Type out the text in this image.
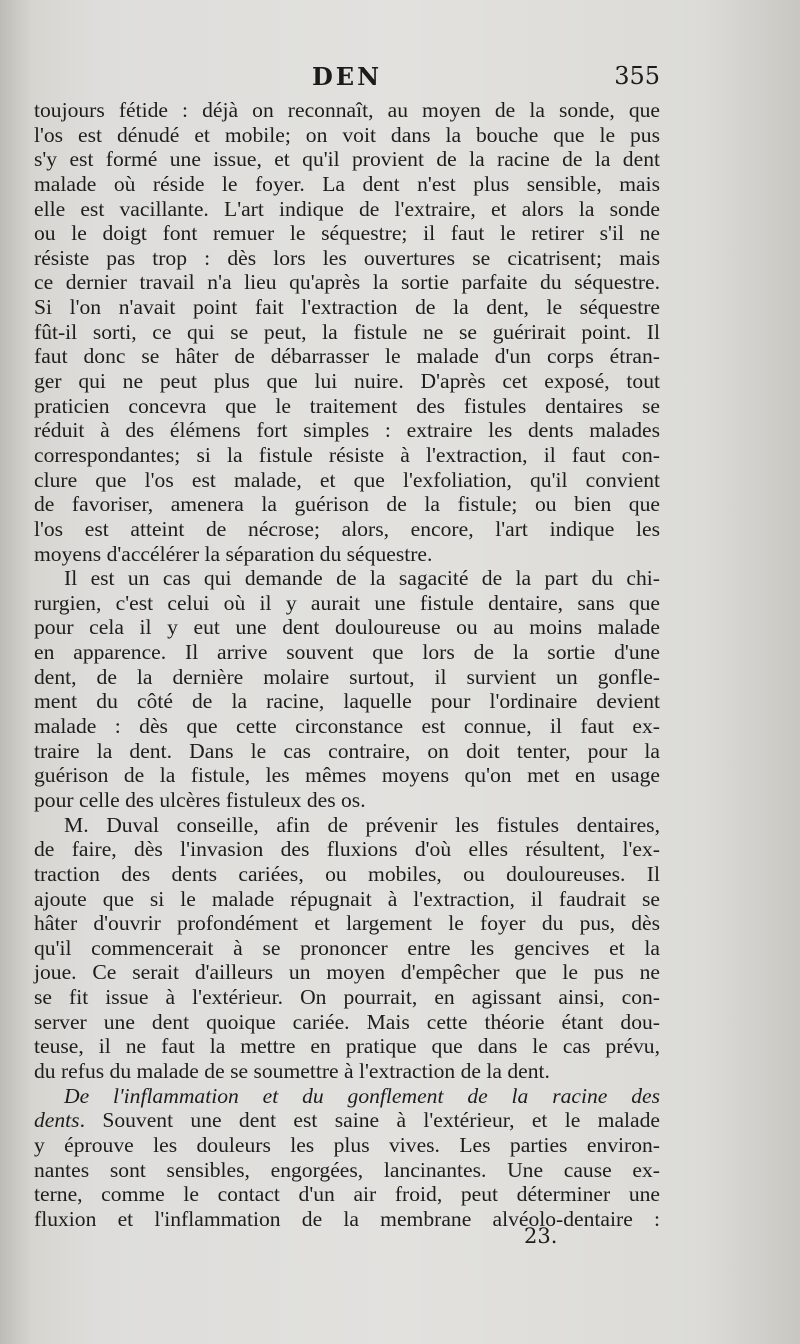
DEN	355
toujours fétide : déjà on reconnaît, au moyen de la sonde, que
l'os est dénudé et mobile; on voit dans la bouche que le pus
s'y est formé une issue, et qu'il provient de la racine de la dent
malade où réside le foyer. La dent n'est plus sensible, mais
elle est vacillante. L'art indique de l'extraire, et alors la sonde
ou le doigt font remuer le séquestre; il faut le retirer s'il ne
résiste pas trop : dès lors les ouvertures se cicatrisent; mais
ce dernier travail n'a lieu qu'après la sortie parfaite du séquestre.
Si l'on n'avait point fait l'extraction de la dent, le séquestre
fût-il sorti, ce qui se peut, la fistule ne se guérirait point. Il
faut donc se hâter de débarrasser le malade d'un corps étran-
ger qui ne peut plus que lui nuire. D'après cet exposé, tout
praticien concevra que le traitement des fistules dentaires se
réduit à des élémens fort simples : extraire les dents malades
correspondantes; si la fistule résiste à l'extraction, il faut con-
clure que l'os est malade, et que l'exfoliation, qu'il convient
de favoriser, amenera la guérison de la fistule; ou bien que
l'os est atteint de nécrose; alors, encore, l'art indique les
moyens d'accélérer la séparation du séquestre.
Il est un cas qui demande de la sagacité de la part du chi-
rurgien, c'est celui où il y aurait une fistule dentaire, sans que
pour cela il y eut une dent douloureuse ou au moins malade
en apparence. Il arrive souvent que lors de la sortie d'une
dent, de la dernière molaire surtout, il survient un gonfle-
ment du côté de la racine, laquelle pour l'ordinaire devient
malade : dès que cette circonstance est connue, il faut ex-
traire la dent. Dans le cas contraire, on doit tenter, pour la
guérison de la fistule, les mêmes moyens qu'on met en usage
pour celle des ulcères fistuleux des os.
M. Duval conseille, afin de prévenir les fistules dentaires,
de faire, dès l'invasion des fluxions d'où elles résultent, l'ex-
traction des dents cariées, ou mobiles, ou douloureuses. Il
ajoute que si le malade répugnait à l'extraction, il faudrait se
hâter d'ouvrir profondément et largement le foyer du pus, dès
qu'il commencerait à se prononcer entre les gencives et la
joue. Ce serait d'ailleurs un moyen d'empêcher que le pus ne
se fit issue à l'extérieur. On pourrait, en agissant ainsi, con-
server une dent quoique cariée. Mais cette théorie étant dou-
teuse, il ne faut la mettre en pratique que dans le cas prévu,
du refus du malade de se soumettre à l'extraction de la dent.
De l'inflammation et du gonflement de la racine des
dents. Souvent une dent est saine à l'extérieur, et le malade
y éprouve les douleurs les plus vives. Les parties environ-
nantes sont sensibles, engorgées, lancinantes. Une cause ex-
terne, comme le contact d'un air froid, peut déterminer une
fluxion et l'inflammation de la membrane alvéolo-dentaire :
23.
